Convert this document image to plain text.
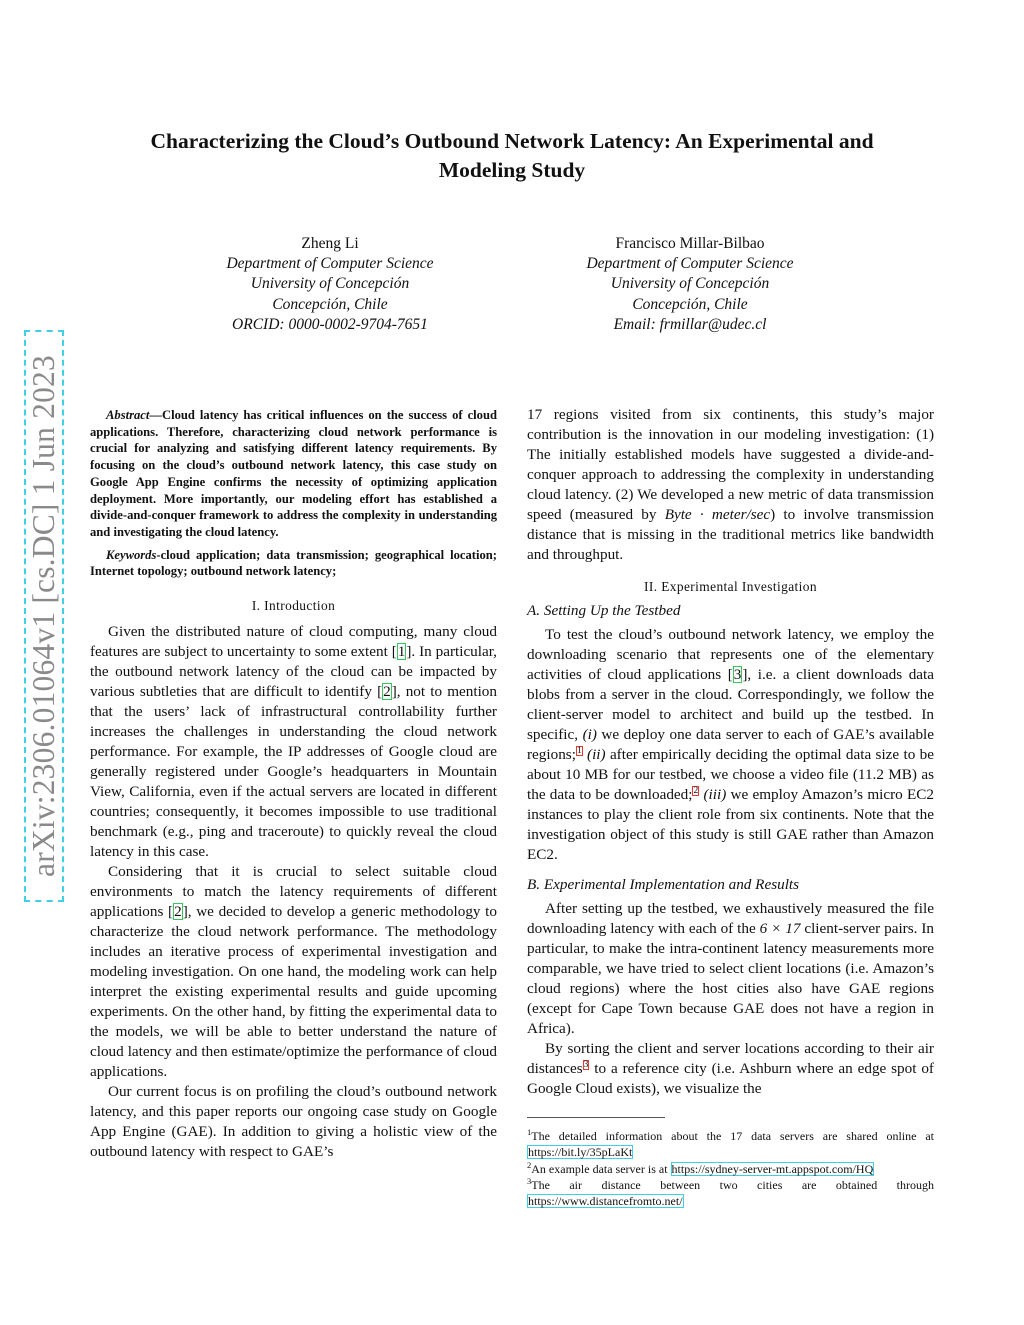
arXiv:2306.01064v1 [cs.DC] 1 Jun 2023
Characterizing the Cloud’s Outbound Network Latency: An Experimental and
Modeling Study
Zheng Li
Department of Computer Science
University of Concepción
Concepción, Chile
ORCID: 0000-0002-9704-7651
Francisco Millar-Bilbao
Department of Computer Science
University of Concepción
Concepción, Chile
Email: frmillar@udec.cl

Abstract—Cloud latency has critical influences on the success of cloud applications. Therefore, characterizing cloud network performance is crucial for analyzing and satisfying different latency requirements. By focusing on the cloud’s outbound network latency, this case study on Google App Engine confirms the necessity of optimizing application deployment. More importantly, our modeling effort has established a divide-and-conquer framework to address the complexity in understanding and investigating the cloud latency.

Keywords-cloud application; data transmission; geographical location; Internet topology; outbound network latency;

I. Introduction

Given the distributed nature of cloud computing, many cloud features are subject to uncertainty to some extent [1]. In particular, the outbound network latency of the cloud can be impacted by various subtleties that are difficult to identify [2], not to mention that the users’ lack of infrastructural controllability further increases the challenges in understanding the cloud network performance. For example, the IP addresses of Google cloud are generally registered under Google’s headquarters in Mountain View, California, even if the actual servers are located in different countries; consequently, it becomes impossible to use traditional benchmark (e.g., ping and traceroute) to quickly reveal the cloud latency in this case.

Considering that it is crucial to select suitable cloud environments to match the latency requirements of different applications [2], we decided to develop a generic methodology to characterize the cloud network performance. The methodology includes an iterative process of experimental investigation and modeling investigation. On one hand, the modeling work can help interpret the existing experimental results and guide upcoming experiments. On the other hand, by fitting the experimental data to the models, we will be able to better understand the nature of cloud latency and then estimate/optimize the performance of cloud applications.

Our current focus is on profiling the cloud’s outbound network latency, and this paper reports our ongoing case study on Google App Engine (GAE). In addition to giving a holistic view of the outbound latency with respect to GAE’s

17 regions visited from six continents, this study’s major contribution is the innovation in our modeling investigation: (1) The initially established models have suggested a divide-and-conquer approach to addressing the complexity in understanding cloud latency. (2) We developed a new metric of data transmission speed (measured by Byte · meter/sec) to involve transmission distance that is missing in the traditional metrics like bandwidth and throughput.

II. Experimental Investigation

A. Setting Up the Testbed

To test the cloud’s outbound network latency, we employ the downloading scenario that represents one of the elementary activities of cloud applications [3], i.e. a client downloads data blobs from a server in the cloud. Correspondingly, we follow the client-server model to architect and build up the testbed. In specific, (i) we deploy one data server to each of GAE’s available regions;$^1$ (ii) after empirically deciding the optimal data size to be about 10 MB for our testbed, we choose a video file (11.2 MB) as the data to be downloaded;$^2$ (iii) we employ Amazon’s micro EC2 instances to play the client role from six continents. Note that the investigation object of this study is still GAE rather than Amazon EC2.

B. Experimental Implementation and Results

After setting up the testbed, we exhaustively measured the file downloading latency with each of the 6 × 17 client-server pairs. In particular, to make the intra-continent latency measurements more comparable, we have tried to select client locations (i.e. Amazon’s cloud regions) where the host cities also have GAE regions (except for Cape Town because GAE does not have a region in Africa).

By sorting the client and server locations according to their air distances$^3$ to a reference city (i.e. Ashburn where an edge spot of Google Cloud exists), we visualize the

$^1$The detailed information about the 17 data servers are shared online at https://bit.ly/35pLaKt
$^2$An example data server is at https://sydney-server-mt.appspot.com/HQ
$^3$The air distance between two cities are obtained through https://www.distancefromto.net/
